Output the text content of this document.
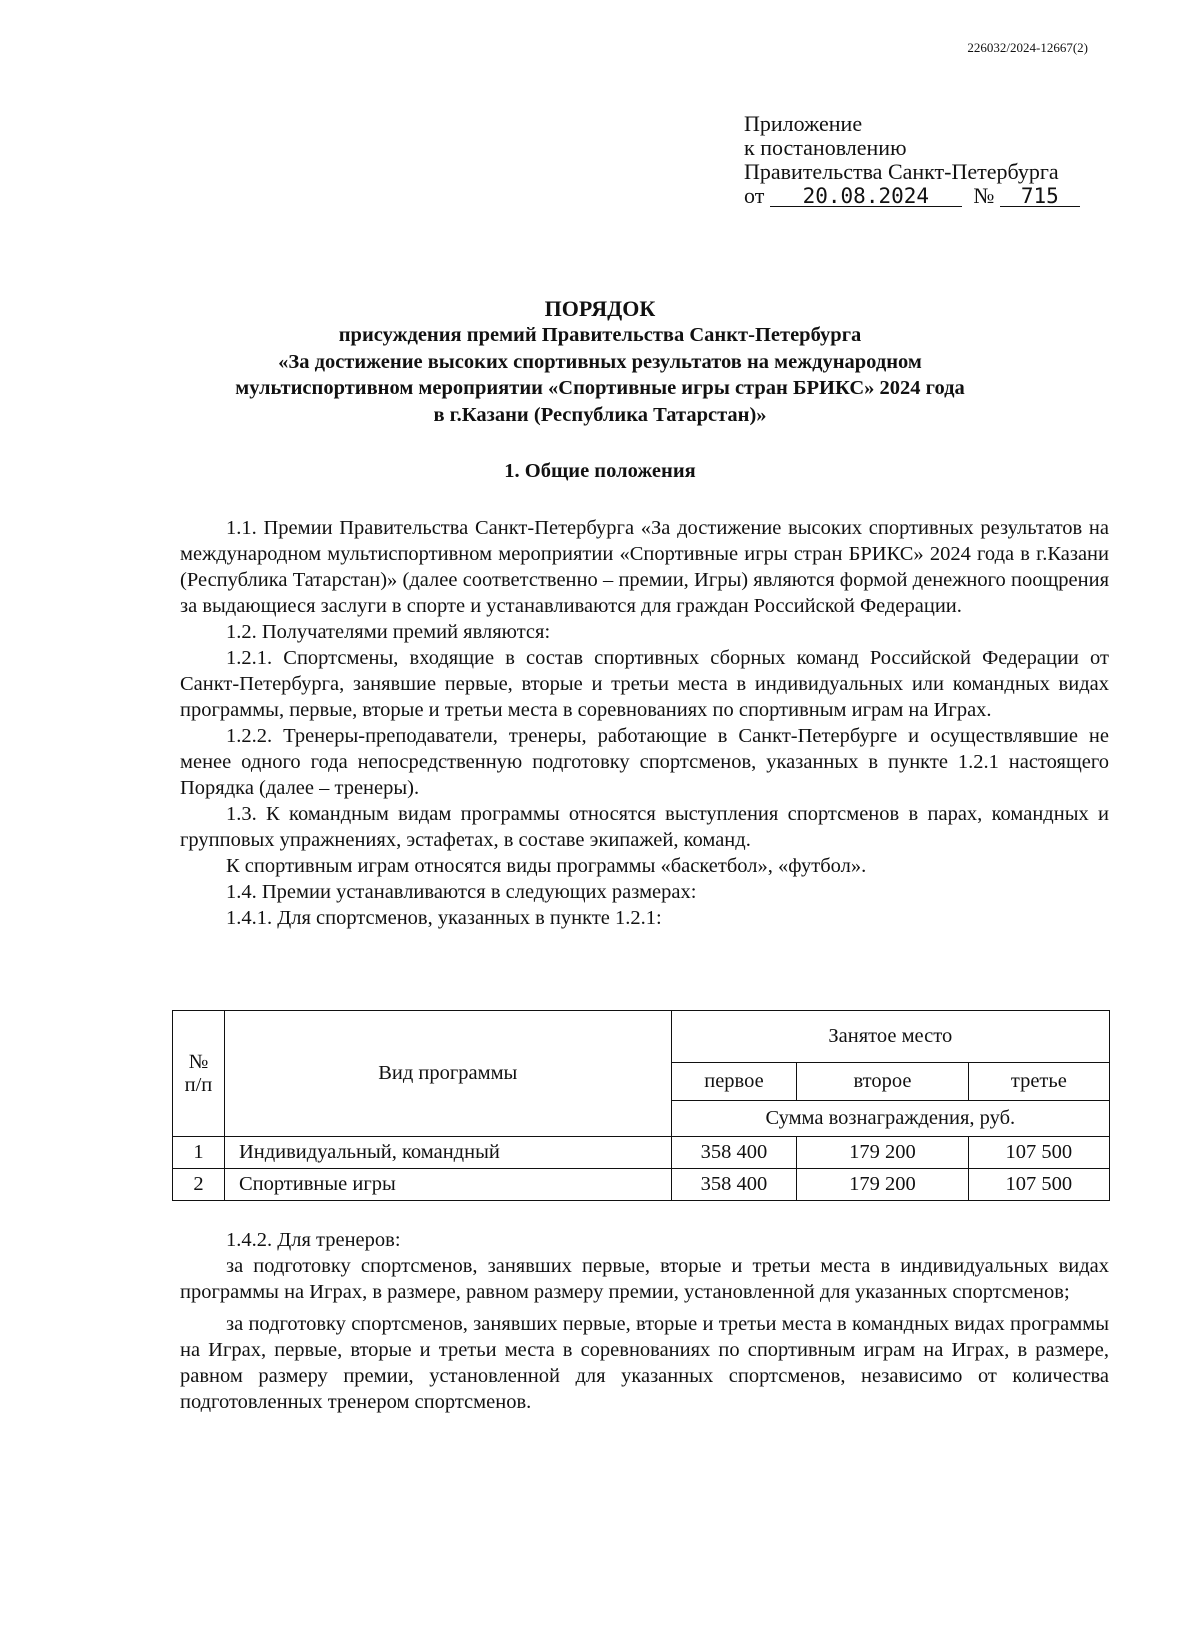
226032/2024-12667(2)
Приложение
к постановлению
Правительства Санкт-Петербурга
от 20.08.2024 № 715
ПОРЯДОК
присуждения премий Правительства Санкт-Петербурга
«За достижение высоких спортивных результатов на международном
мультиспортивном мероприятии «Спортивные игры стран БРИКС» 2024 года
в г.Казани (Республика Татарстан)»
1. Общие положения

1.1. Премии Правительства Санкт-Петербурга «За достижение высоких спортивных результатов на международном мультиспортивном мероприятии «Спортивные игры стран БРИКС» 2024 года в г.Казани (Республика Татарстан)» (далее соответственно – премии, Игры) являются формой денежного поощрения за выдающиеся заслуги в спорте и устанавливаются для граждан Российской Федерации.

1.2. Получателями премий являются:

1.2.1. Спортсмены, входящие в состав спортивных сборных команд Российской Федерации от Санкт-Петербурга, занявшие первые, вторые и третьи места в индивидуальных или командных видах программы, первые, вторые и третьи места в соревнованиях по спортивным играм на Играх.

1.2.2. Тренеры-преподаватели, тренеры, работающие в Санкт-Петербурге и осуществлявшие не менее одного года непосредственную подготовку спортсменов, указанных в пункте 1.2.1 настоящего Порядка (далее – тренеры).

1.3. К командным видам программы относятся выступления спортсменов в парах, командных и групповых упражнениях, эстафетах, в составе экипажей, команд.

К спортивным играм относятся виды программы «баскетбол», «футбол».

1.4. Премии устанавливаются в следующих размерах:

1.4.1. Для спортсменов, указанных в пункте 1.2.1:

№ п/п	Вид программы	Занятое место		
		первое	второе	третье
		Сумма вознаграждения, руб.		
1	Индивидуальный, командный	358 400	179 200	107 500
2	Спортивные игры	358 400	179 200	107 500

1.4.2. Для тренеров:

за подготовку спортсменов, занявших первые, вторые и третьи места в индивидуальных видах программы на Играх, в размере, равном размеру премии, установленной для указанных спортсменов;

за подготовку спортсменов, занявших первые, вторые и третьи места в командных видах программы на Играх, первые, вторые и третьи места в соревнованиях по спортивным играм на Играх, в размере, равном размеру премии, установленной для указанных спортсменов, независимо от количества подготовленных тренером спортсменов.
